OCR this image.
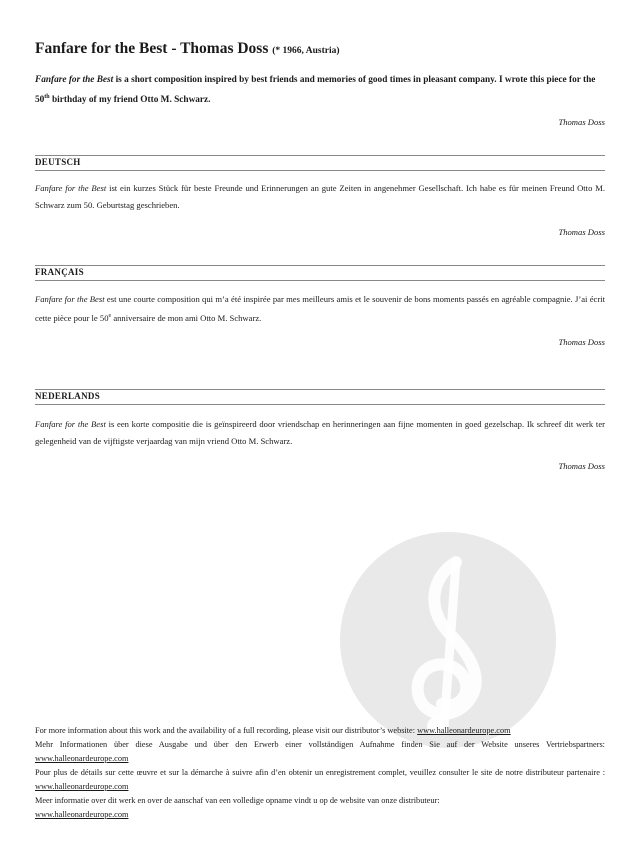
Fanfare for the Best - Thomas Doss (* 1966, Austria)
Fanfare for the Best is a short composition inspired by best friends and memories of good times in pleasant company. I wrote this piece for the 50th birthday of my friend Otto M. Schwarz.
Thomas Doss
DEUTSCH
Fanfare for the Best ist ein kurzes Stück für beste Freunde und Erinnerungen an gute Zeiten in angenehmer Gesellschaft. Ich habe es für meinen Freund Otto M. Schwarz zum 50. Geburtstag geschrieben.
Thomas Doss
FRANÇAIS
Fanfare for the Best est une courte composition qui m’a été inspirée par mes meilleurs amis et le souvenir de bons moments passés en agréable compagnie. J’ai écrit cette pièce pour le 50e anniversaire de mon ami Otto M. Schwarz.
Thomas Doss
NEDERLANDS
Fanfare for the Best is een korte compositie die is geïnspireerd door vriendschap en herinneringen aan fijne momenten in goed gezelschap. Ik schreef dit werk ter gelegenheid van de vijftigste verjaardag van mijn vriend Otto M. Schwarz.
Thomas Doss

For more information about this work and the availability of a full recording, please visit our distributor’s website: www.halleonardeurope.com

Mehr Informationen über diese Ausgabe und über den Erwerb einer vollständigen Aufnahme finden Sie auf der Website unseres Vertriebspartners: www.halleonardeurope.com

Pour plus de détails sur cette œuvre et sur la démarche à suivre afin d’en obtenir un enregistrement complet, veuillez consulter le site de notre distributeur partenaire : www.halleonardeurope.com

Meer informatie over dit werk en over de aanschaf van een volledige opname vindt u op de website van onze distributeur:
www.halleonardeurope.com
